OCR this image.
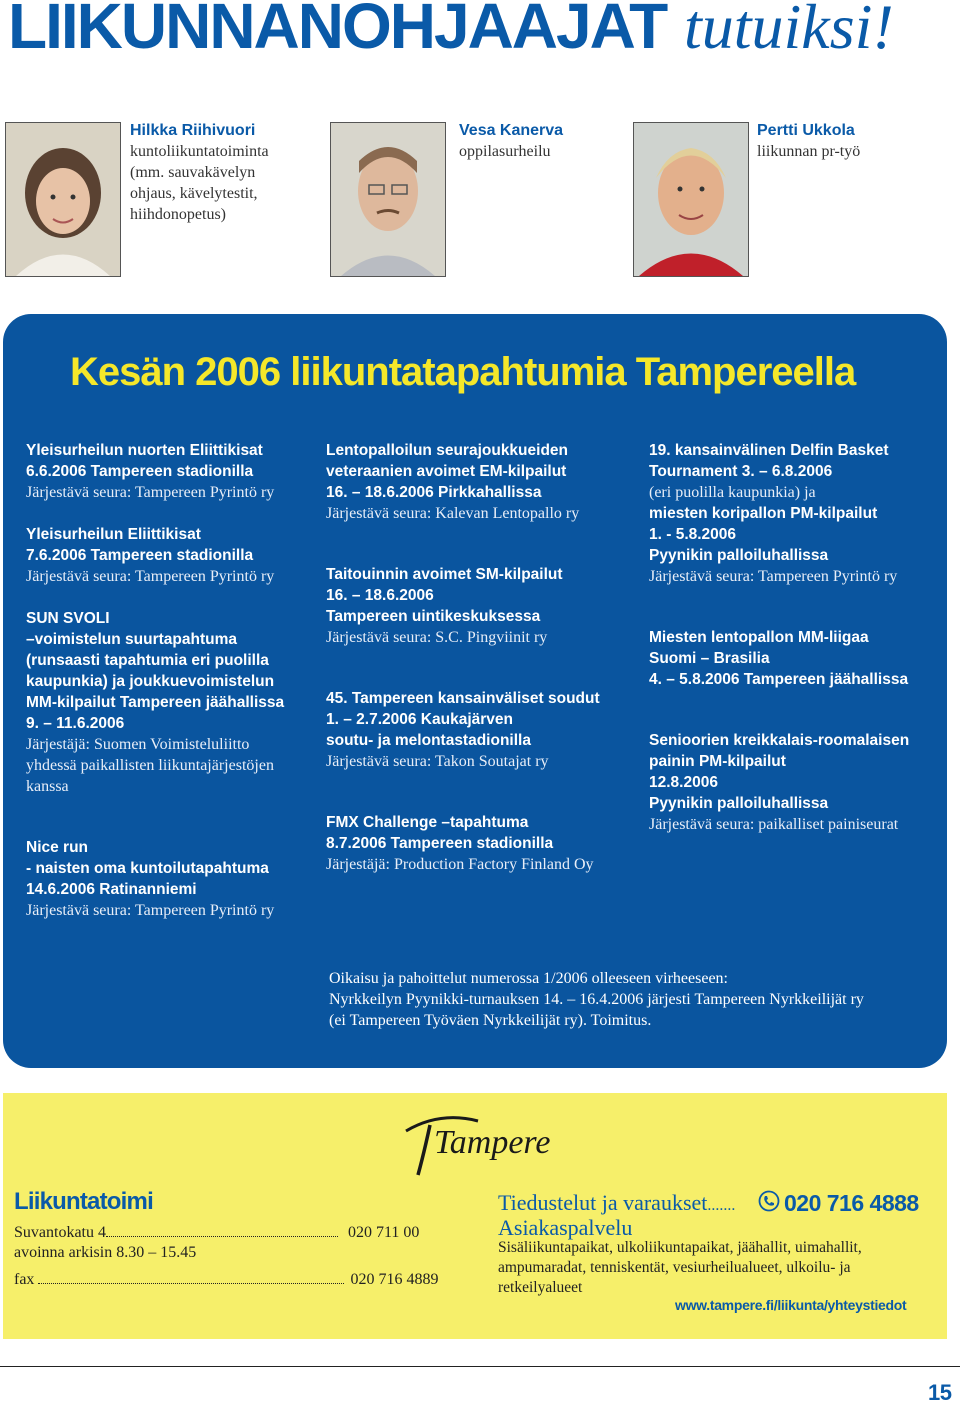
LIIKUNNANOHJAAJAT tutuiksi!
Hilkka Riihivuori
kuntoliikuntatoiminta
(mm. sauvakävelyn
ohjaus, kävelytestit,
hiihdonopetus)
Vesa Kanerva
oppilasurheilu
Pertti Ukkola
liikunnan pr-työ
Kesän 2006 liikuntatapahtumia Tampereella
Yleisurheilun nuorten Eliittikisat
6.6.2006 Tampereen stadionilla
Järjestävä seura: Tampereen Pyrintö ry
Yleisurheilun Eliittikisat
7.6.2006 Tampereen stadionilla
Järjestävä seura: Tampereen Pyrintö ry
SUN SVOLI
–voimistelun suurtapahtuma
(runsaasti tapahtumia eri puolilla
kaupunkia) ja joukkuevoimistelun
MM-kilpailut Tampereen jäähallissa
9. – 11.6.2006
Järjestäjä: Suomen Voimisteluliitto
yhdessä paikallisten liikuntajärjestöjen
kanssa
Nice run
- naisten oma kuntoilutapahtuma
14.6.2006 Ratinanniemi
Järjestävä seura: Tampereen Pyrintö ry
Lentopalloilun seurajoukkueiden
veteraanien avoimet EM-kilpailut
16. – 18.6.2006 Pirkkahallissa
Järjestävä seura: Kalevan Lentopallo ry
Taitouinnin avoimet SM-kilpailut
16. – 18.6.2006
Tampereen uintikeskuksessa
Järjestävä seura: S.C. Pingviinit ry
45. Tampereen kansainväliset soudut
1. – 2.7.2006 Kaukajärven
soutu- ja melontastadionilla
Järjestävä seura: Takon Soutajat ry
FMX Challenge –tapahtuma
8.7.2006 Tampereen stadionilla
Järjestäjä: Production Factory Finland Oy
19. kansainvälinen Delfin Basket
Tournament 3. – 6.8.2006
(eri puolilla kaupunkia) ja
miesten koripallon PM-kilpailut
1. - 5.8.2006
Pyynikin palloiluhallissa
Järjestävä seura: Tampereen Pyrintö ry
Miesten lentopallon MM-liigaa
Suomi – Brasilia
4. – 5.8.2006 Tampereen jäähallissa
Senioorien kreikkalais-roomalaisen
painin PM-kilpailut
12.8.2006
Pyynikin palloiluhallissa
Järjestävä seura: paikalliset painiseurat
Oikaisu ja pahoittelut numerossa 1/2006 olleeseen virheeseen:
Nyrkkeilyn Pyynikki-turnauksen 14. – 16.4.2006 järjesti Tampereen Nyrkkeilijät ry
(ei Tampereen Työväen Nyrkkeilijät ry). Toimitus.
Tampere
Liikuntatoimi
Suvantokatu 4	020 711 00
avoinna arkisin 8.30 – 15.45
fax	020 716 4889
Tiedustelut ja varaukset.......
Asiakaspalvelu
020 716 4888
Sisäliikuntapaikat, ulkoliikuntapaikat, jäähallit, uimahallit, ampumaradat, tenniskentät, vesiurheilualueet, ulkoilu- ja retkeilyalueet
www.tampere.fi/liikunta/yhteystiedot
15
